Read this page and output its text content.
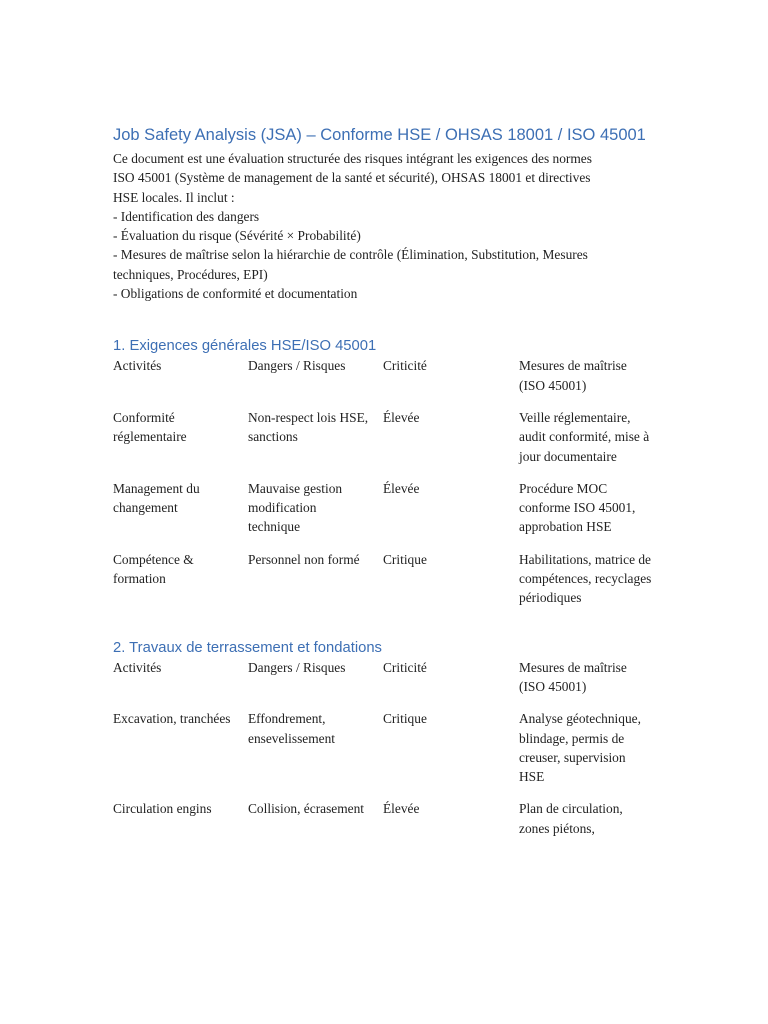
Job Safety Analysis (JSA) – Conforme HSE / OHSAS 18001 / ISO 45001

Ce document est une évaluation structurée des risques intégrant les exigences des normes
ISO 45001 (Système de management de la santé et sécurité), OHSAS 18001 et directives
HSE locales. Il inclut :
- Identification des dangers
- Évaluation du risque (Sévérité × Probabilité)
- Mesures de maîtrise selon la hiérarchie de contrôle (Élimination, Substitution, Mesures
techniques, Procédures, EPI)
- Obligations de conformité et documentation

1. Exigences générales HSE/ISO 45001
Activités	Dangers / Risques	Criticité	Mesures de maîtrise (ISO 45001)
Conformité réglementaire	Non-respect lois HSE, sanctions	Élevée	Veille réglementaire, audit conformité, mise à jour documentaire
Management du changement	Mauvaise gestion modification technique	Élevée	Procédure MOC conforme ISO 45001, approbation HSE
Compétence & formation	Personnel non formé	Critique	Habilitations, matrice de compétences, recyclages périodiques
2. Travaux de terrassement et fondations
Activités	Dangers / Risques	Criticité	Mesures de maîtrise (ISO 45001)
Excavation, tranchées	Effondrement, ensevelissement	Critique	Analyse géotechnique, blindage, permis de creuser, supervision HSE
Circulation engins	Collision, écrasement	Élevée	Plan de circulation, zones piétons,
